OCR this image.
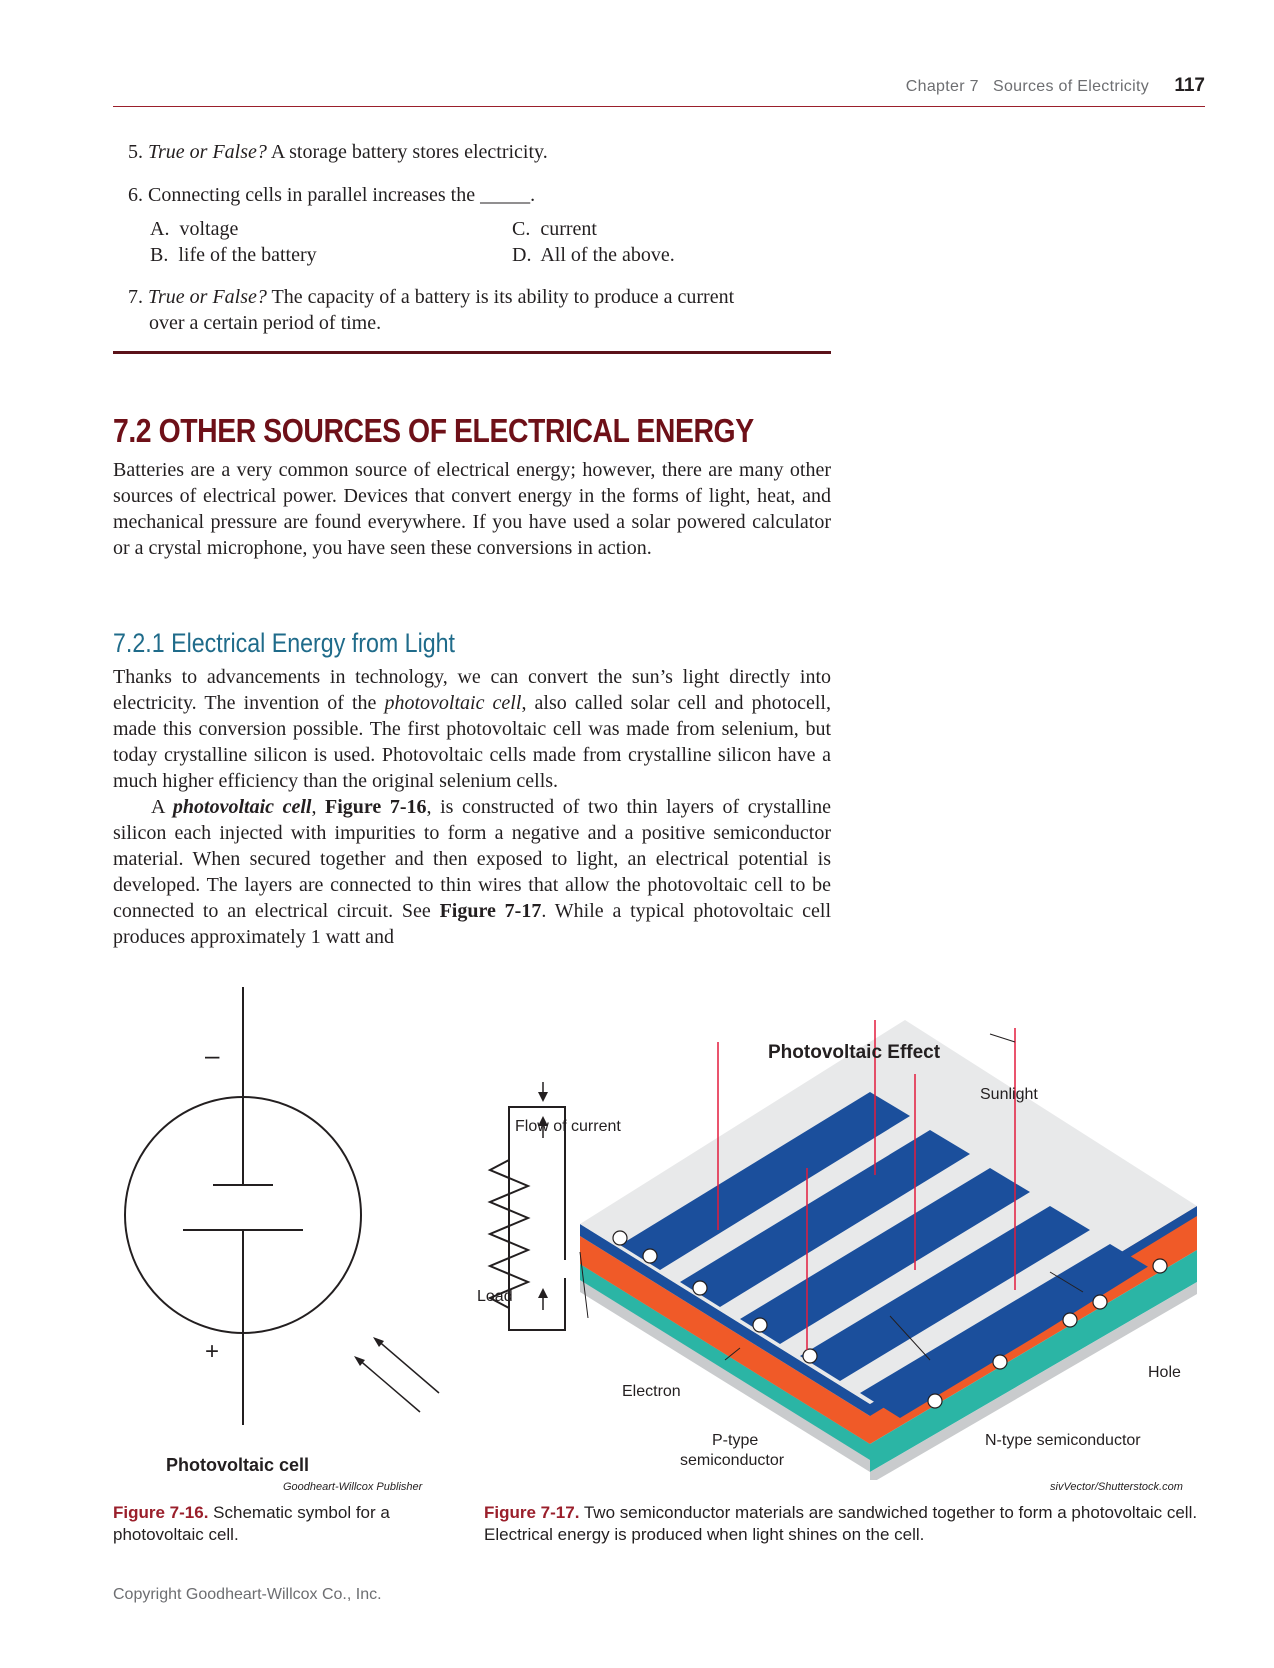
Chapter 7 Sources of Electricity 117
5. True or False? A storage battery stores electricity.
6. Connecting cells in parallel increases the _____.
A. voltage
B. life of the battery
C. current
D. All of the above.
7. True or False? The capacity of a battery is its ability to produce a current
over a certain period of time.
7.2 OTHER SOURCES OF ELECTRICAL ENERGY

Batteries are a very common source of electrical energy; however, there are many other sources of electrical power. Devices that convert energy in the forms of light, heat, and mechanical pressure are found everywhere. If you have used a solar powered calculator or a crystal microphone, you have seen these conversions in action.

7.2.1 Electrical Energy from Light

Thanks to advancements in technology, we can convert the sun’s light directly into electricity. The invention of the photovoltaic cell, also called solar cell and photocell, made this conversion possible. The first photovoltaic cell was made from selenium, but today crystalline silicon is used. Photovoltaic cells made from crystalline silicon have a much higher efficiency than the original selenium cells.

A photovoltaic cell, Figure 7-16, is constructed of two thin layers of crystalline silicon each injected with impurities to form a negative and a positive semiconductor material. When secured together and then exposed to light, an electrical potential is developed. The layers are connected to thin wires that allow the photovoltaic cell to be connected to an electrical circuit. See Figure 7-17. While a typical photovoltaic cell produces approximately 1 watt and

–
+
Photovoltaic cell
Goodheart-Willcox Publisher
Figure 7-16. Schematic symbol for a photovoltaic cell.
Photovoltaic Effect
Sunlight
Flow of current
Load
Electron
Hole
P-type
semiconductor
N-type semiconductor
sivVector/Shutterstock.com
Figure 7-17. Two semiconductor materials are sandwiched together to form a photovoltaic cell. Electrical energy is produced when light shines on the cell.
Copyright Goodheart-Willcox Co., Inc.
